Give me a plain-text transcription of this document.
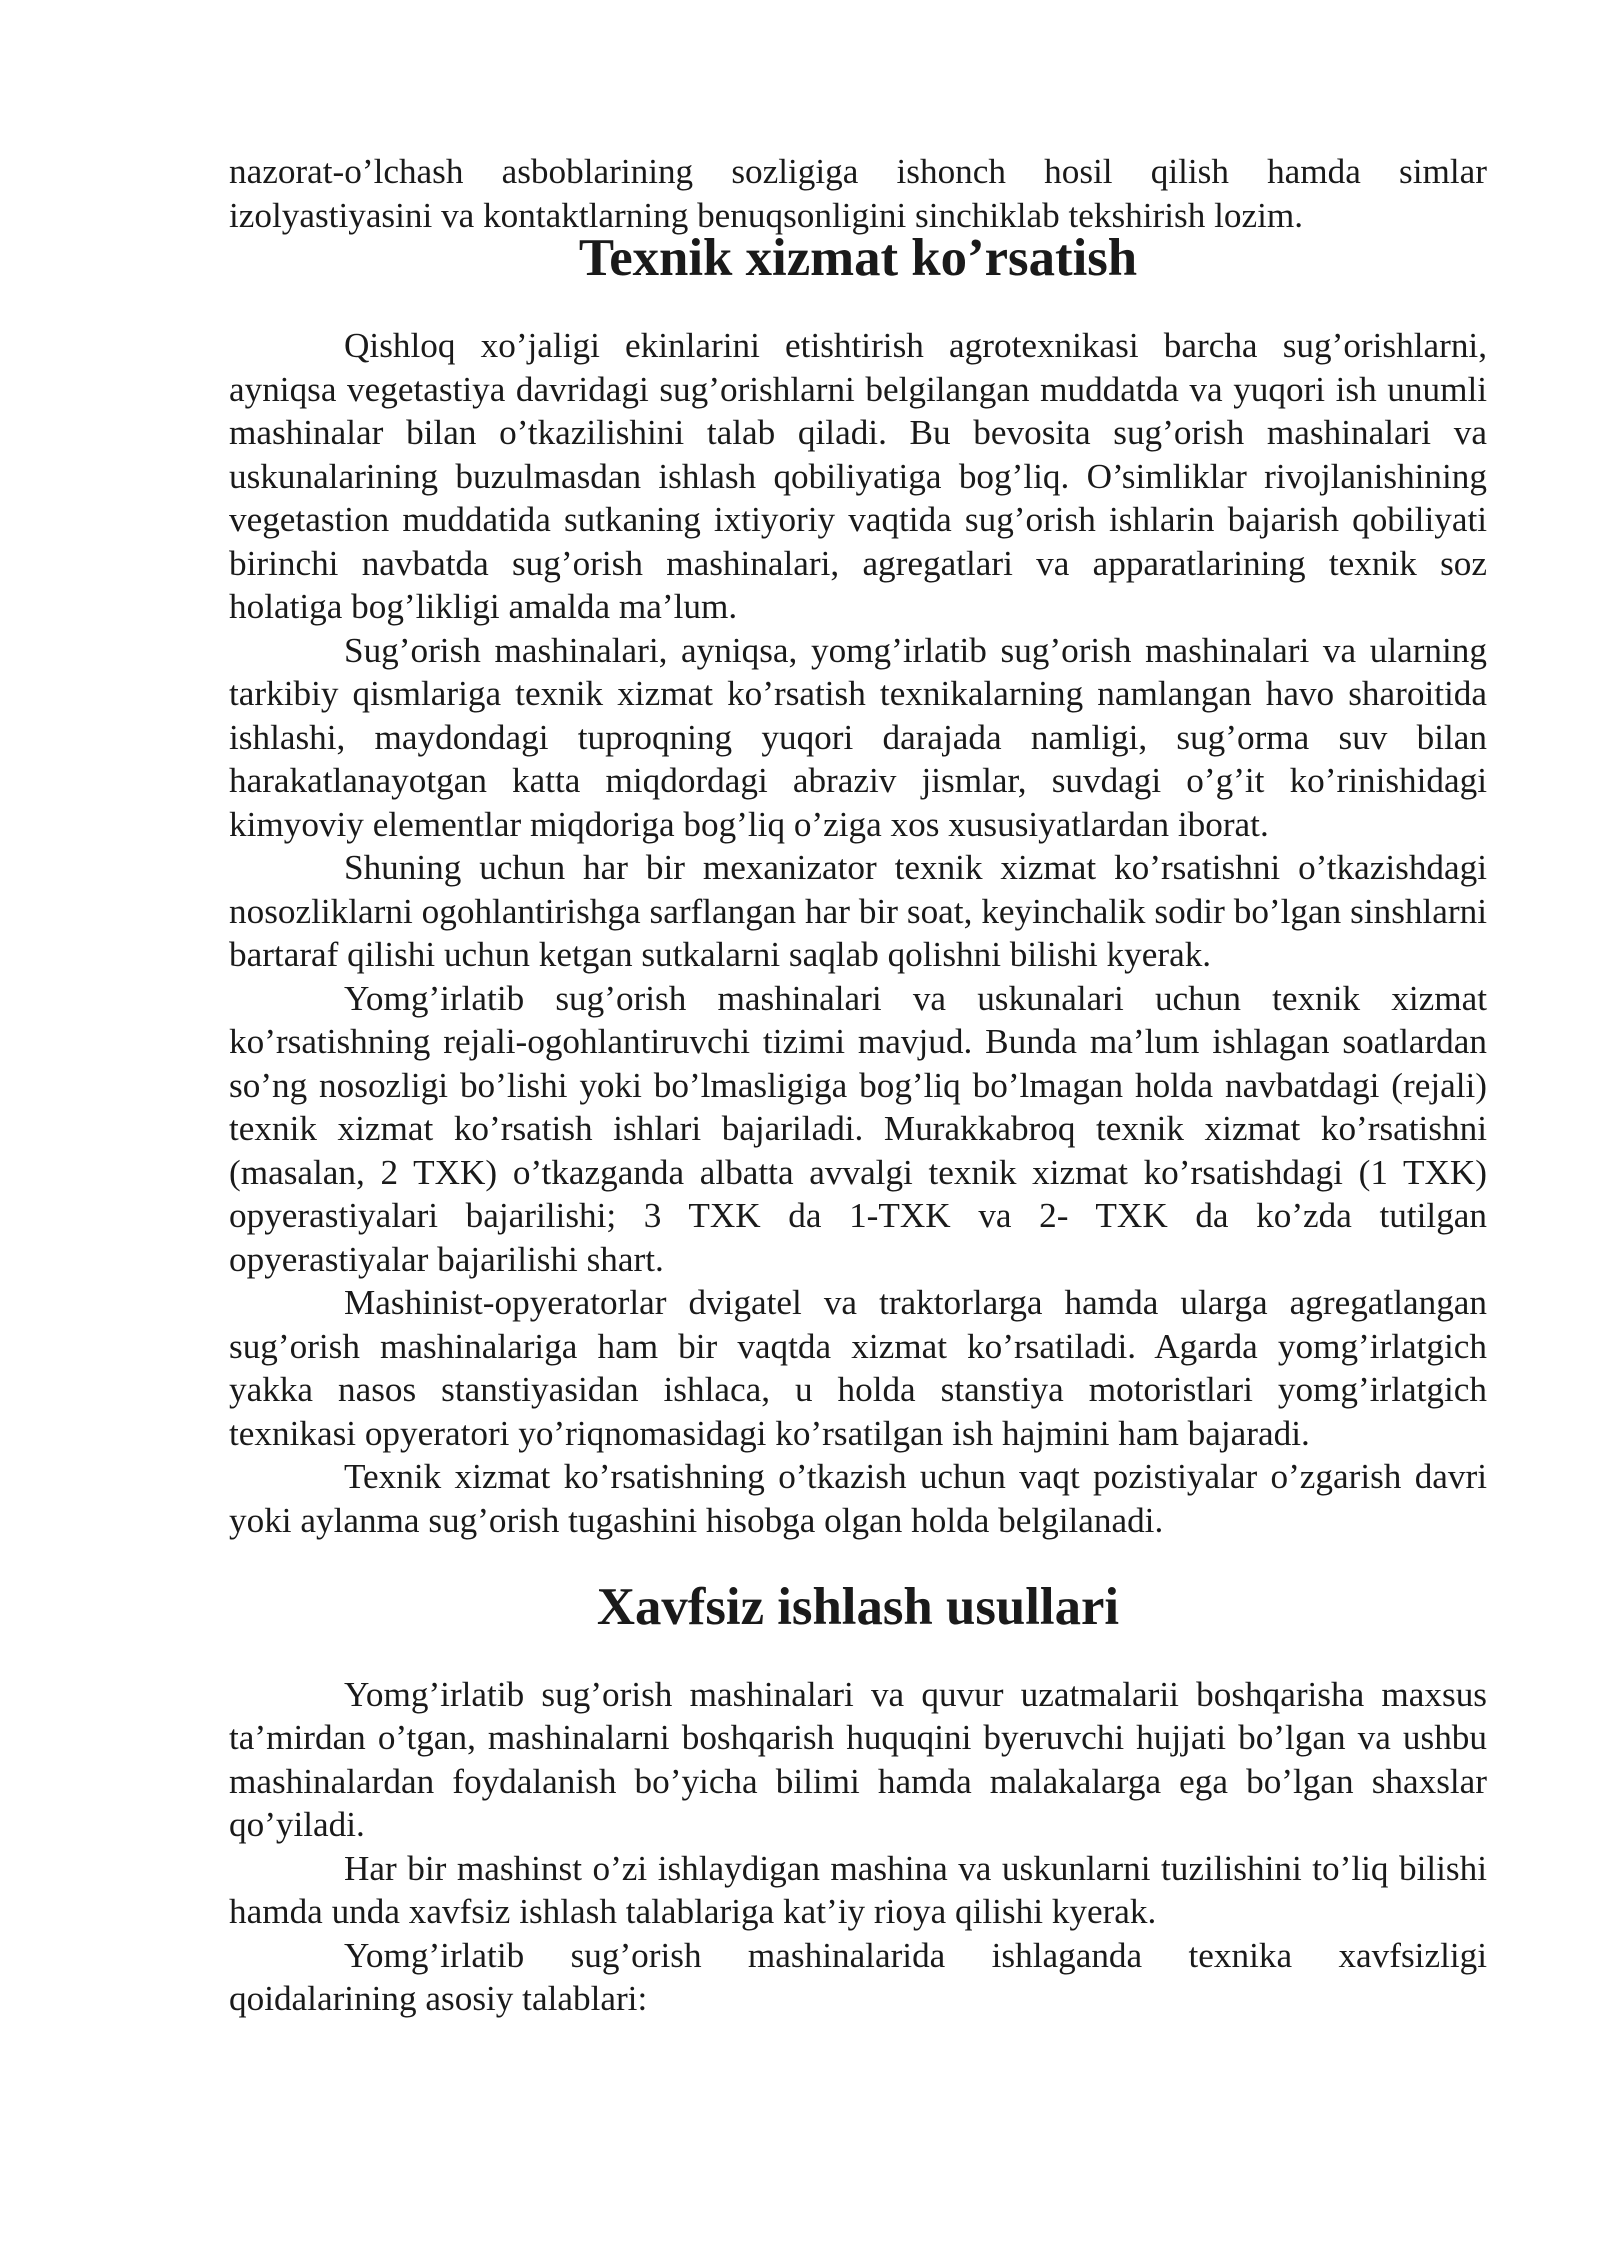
nazorat-o’lchash asboblarining sozligiga ishonch hosil qilish hamda simlar izolyastiyasini va kontaktlarning benuqsonligini sinchiklab tekshirish lozim.

Texnik xizmat ko’rsatish

Qishloq xo’jaligi ekinlarini etishtirish agrotexnikasi barcha sug’orishlarni, ayniqsa vegetastiya davridagi sug’orishlarni belgilangan muddatda va yuqori ish unumli mashinalar bilan o’tkazilishini talab qiladi. Bu bevosita sug’orish mashinalari va uskunalarining buzulmasdan ishlash qobiliyatiga bog’liq. O’simliklar rivojlanishining vegetastion muddatida sutkaning ixtiyoriy vaqtida sug’orish ishlarin bajarish qobiliyati birinchi navbatda sug’orish mashinalari, agregatlari va apparatlarining texnik soz holatiga bog’likligi amalda ma’lum.

Sug’orish mashinalari, ayniqsa, yomg’irlatib sug’orish mashinalari va ularning tarkibiy qismlariga texnik xizmat ko’rsatish texnikalarning namlangan havo sharoitida ishlashi, maydondagi tuproqning yuqori darajada namligi, sug’orma suv bilan harakatlanayotgan katta miqdordagi abraziv jismlar, suvdagi o’g’it ko’rinishidagi kimyoviy elementlar miqdoriga bog’liq o’ziga xos xususiyatlardan iborat.

Shuning uchun har bir mexanizator texnik xizmat ko’rsatishni o’tkazishdagi nosozliklarni ogohlantirishga sarflangan har bir soat, keyinchalik sodir bo’lgan sinshlarni bartaraf qilishi uchun ketgan sutkalarni saqlab qolishni bilishi kyerak.

Yomg’irlatib sug’orish mashinalari va uskunalari uchun texnik xizmat ko’rsatishning rejali-ogohlantiruvchi tizimi mavjud. Bunda ma’lum ishlagan soatlardan so’ng nosozligi bo’lishi yoki bo’lmasligiga bog’liq bo’lmagan holda navbatdagi (rejali) texnik xizmat ko’rsatish ishlari bajariladi. Murakkabroq texnik xizmat ko’rsatishni (masalan, 2 TXK) o’tkazganda albatta avvalgi texnik xizmat ko’rsatishdagi (1 TXK) opyerastiyalari bajarilishi; 3 TXK da 1-TXK va 2- TXK da ko’zda tutilgan opyerastiyalar bajarilishi shart.

Mashinist-opyeratorlar dvigatel va traktorlarga hamda ularga agregatlangan sug’orish mashinalariga ham bir vaqtda xizmat ko’rsatiladi. Agarda yomg’irlatgich yakka nasos stanstiyasidan ishlaca, u holda stanstiya motoristlari yomg’irlatgich texnikasi opyeratori yo’riqnomasidagi ko’rsatilgan ish hajmini ham bajaradi.

Texnik xizmat ko’rsatishning o’tkazish uchun vaqt pozistiyalar o’zgarish davri yoki aylanma sug’orish tugashini hisobga olgan holda belgilanadi.

Xavfsiz ishlash usullari

Yomg’irlatib sug’orish mashinalari va quvur uzatmalarii boshqarisha maxsus ta’mirdan o’tgan, mashinalarni boshqarish huquqini byeruvchi hujjati bo’lgan va ushbu mashinalardan foydalanish bo’yicha bilimi hamda malakalarga ega bo’lgan shaxslar qo’yiladi.

Har bir mashinst o’zi ishlaydigan mashina va uskunlarni tuzilishini to’liq bilishi hamda unda xavfsiz ishlash talablariga kat’iy rioya qilishi kyerak.

Yomg’irlatib sug’orish mashinalarida ishlaganda texnika xavfsizligi qoidalarining asosiy talablari:
